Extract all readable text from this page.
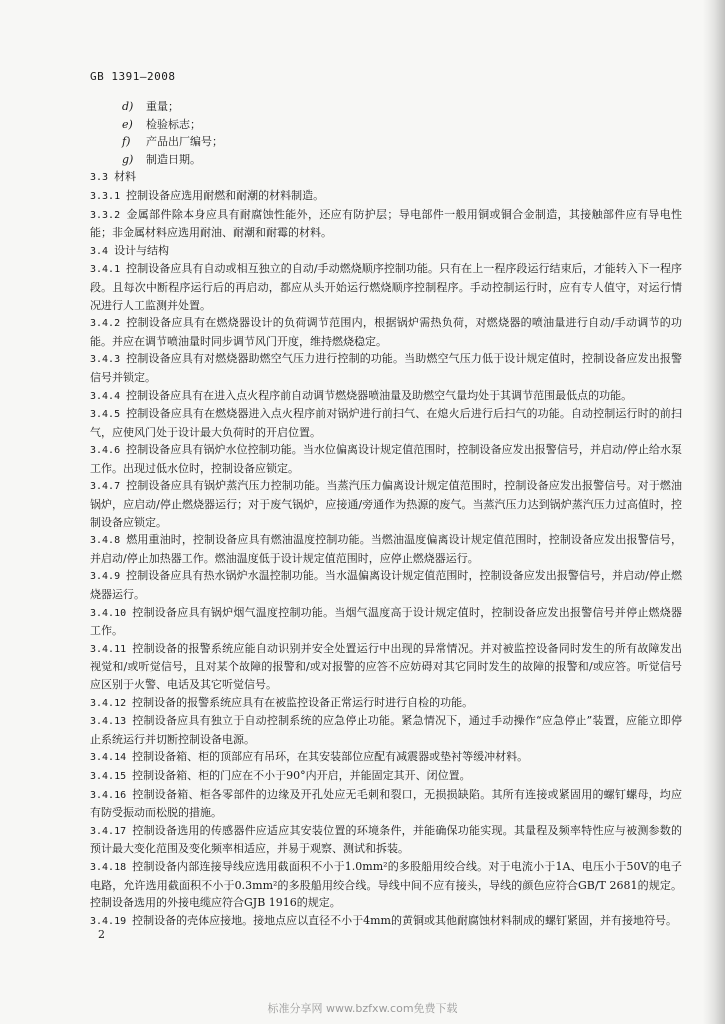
GB 1391—2008
d) 重量；
e) 检验标志；
f) 产品出厂编号；
g) 制造日期。
3.3 材料
3.3.1 控制设备应选用耐燃和耐潮的材料制造。
3.3.2 金属部件除本身应具有耐腐蚀性能外，还应有防护层；导电部件一般用铜或铜合金制造，其接触部件应有导电性能；非金属材料应选用耐油、耐潮和耐霉的材料。
3.4 设计与结构
3.4.1 控制设备应具有自动或相互独立的自动/手动燃烧顺序控制功能。只有在上一程序段运行结束后，才能转入下一程序段。且每次中断程序运行后的再启动，都应从头开始运行燃烧顺序控制程序。手动控制运行时，应有专人值守，对运行情况进行人工监测并处置。
3.4.2 控制设备应具有在燃烧器设计的负荷调节范围内，根据锅炉需热负荷，对燃烧器的喷油量进行自动/手动调节的功能。并应在调节喷油量时同步调节风门开度，维持燃烧稳定。
3.4.3 控制设备应具有对燃烧器助燃空气压力进行控制的功能。当助燃空气压力低于设计规定值时，控制设备应发出报警信号并锁定。
3.4.4 控制设备应具有在进入点火程序前自动调节燃烧器喷油量及助燃空气量均处于其调节范围最低点的功能。
3.4.5 控制设备应具有在燃烧器进入点火程序前对锅炉进行前扫气、在熄火后进行后扫气的功能。自动控制运行时的前扫气，应使风门处于设计最大负荷时的开启位置。
3.4.6 控制设备应具有锅炉水位控制功能。当水位偏离设计规定值范围时，控制设备应发出报警信号，并启动/停止给水泵工作。出现过低水位时，控制设备应锁定。
3.4.7 控制设备应具有锅炉蒸汽压力控制功能。当蒸汽压力偏离设计规定值范围时，控制设备应发出报警信号。对于燃油锅炉，应启动/停止燃烧器运行；对于废气锅炉，应接通/旁通作为热源的废气。当蒸汽压力达到锅炉蒸汽压力过高值时，控制设备应锁定。
3.4.8 燃用重油时，控制设备应具有燃油温度控制功能。当燃油温度偏离设计规定值范围时，控制设备应发出报警信号，并启动/停止加热器工作。燃油温度低于设计规定值范围时，应停止燃烧器运行。
3.4.9 控制设备应具有热水锅炉水温控制功能。当水温偏离设计规定值范围时，控制设备应发出报警信号，并启动/停止燃烧器运行。
3.4.10 控制设备应具有锅炉烟气温度控制功能。当烟气温度高于设计规定值时，控制设备应发出报警信号并停止燃烧器工作。
3.4.11 控制设备的报警系统应能自动识别并安全处置运行中出现的异常情况。并对被监控设备同时发生的所有故障发出视觉和/或听觉信号，且对某个故障的报警和/或对报警的应答不应妨碍对其它同时发生的故障的报警和/或应答。听觉信号应区别于火警、电话及其它听觉信号。
3.4.12 控制设备的报警系统应具有在被监控设备正常运行时进行自检的功能。
3.4.13 控制设备应具有独立于自动控制系统的应急停止功能。紧急情况下，通过手动操作“应急停止”装置，应能立即停止系统运行并切断控制设备电源。
3.4.14 控制设备箱、柜的顶部应有吊环，在其安装部位应配有减震器或垫衬等缓冲材料。
3.4.15 控制设备箱、柜的门应在不小于90°内开启，并能固定其开、闭位置。
3.4.16 控制设备箱、柜各零部件的边缘及开孔处应无毛刺和裂口，无损损缺陷。其所有连接或紧固用的螺钉螺母，均应有防受振动而松脱的措施。
3.4.17 控制设备选用的传感器件应适应其安装位置的环境条件，并能确保功能实现。其量程及频率特性应与被测参数的预计最大变化范围及变化频率相适应，并易于观察、测试和拆装。
3.4.18 控制设备内部连接导线应选用截面积不小于1.0mm²的多股船用绞合线。对于电流小于1A、电压小于50V的电子电路，允许选用截面积不小于0.3mm²的多股船用绞合线。导线中间不应有接头，导线的颜色应符合GB/T 2681的规定。控制设备选用的外接电缆应符合GJB 1916的规定。
3.4.19 控制设备的壳体应接地。接地点应以直径不小于4mm的黄铜或其他耐腐蚀材料制成的螺钉紧固，并有接地符号。
2
标准分享网 www.bzfxw.com免费下载
